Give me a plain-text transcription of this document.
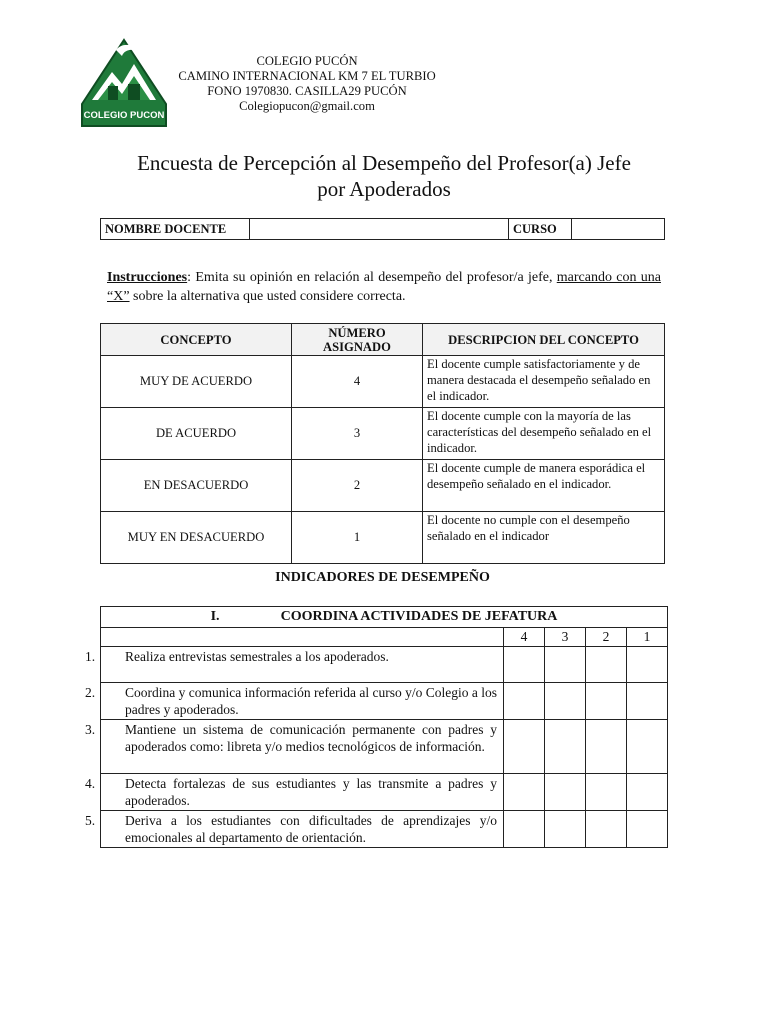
COLEGIO PUCON
COLEGIO PUCÓN
CAMINO INTERNACIONAL KM 7 EL TURBIO
FONO 1970830. CASILLA29 PUCÓN
Colegiopucon@gmail.com
Encuesta de Percepción al Desempeño del Profesor(a) Jefe
por Apoderados
NOMBRE DOCENTE		CURSO	
Instrucciones: Emita su opinión en relación al desempeño del profesor/a jefe, marcando con una “X” sobre la alternativa que usted considere correcta.
CONCEPTO	NÚMERO ASIGNADO	DESCRIPCION DEL CONCEPTO
MUY DE ACUERDO	4	El docente cumple satisfactoriamente y de manera destacada el desempeño señalado en el indicador.
DE ACUERDO	3	El docente cumple con la mayoría de las características del desempeño señalado en el indicador.
EN DESACUERDO	2	El docente cumple de manera esporádica el desempeño señalado en el indicador.
MUY EN DESACUERDO	1	El docente no cumple con el desempeño señalado en el indicador
INDICADORES DE DESEMPEÑO
I. COORDINA ACTIVIDADES DE JEFATURA				
	4	3	2	1

1. Realiza entrevistas semestrales a los apoderados.				

2. Coordina y comunica información referida al curso y/o Colegio a los padres y apoderados.				

3. Mantiene un sistema de comunicación permanente con padres y apoderados como: libreta y/o medios tecnológicos de información.				

4. Detecta fortalezas de sus estudiantes y las transmite a padres y apoderados.				

5. Deriva a los estudiantes con dificultades de aprendizajes y/o emocionales al departamento de orientación.				
